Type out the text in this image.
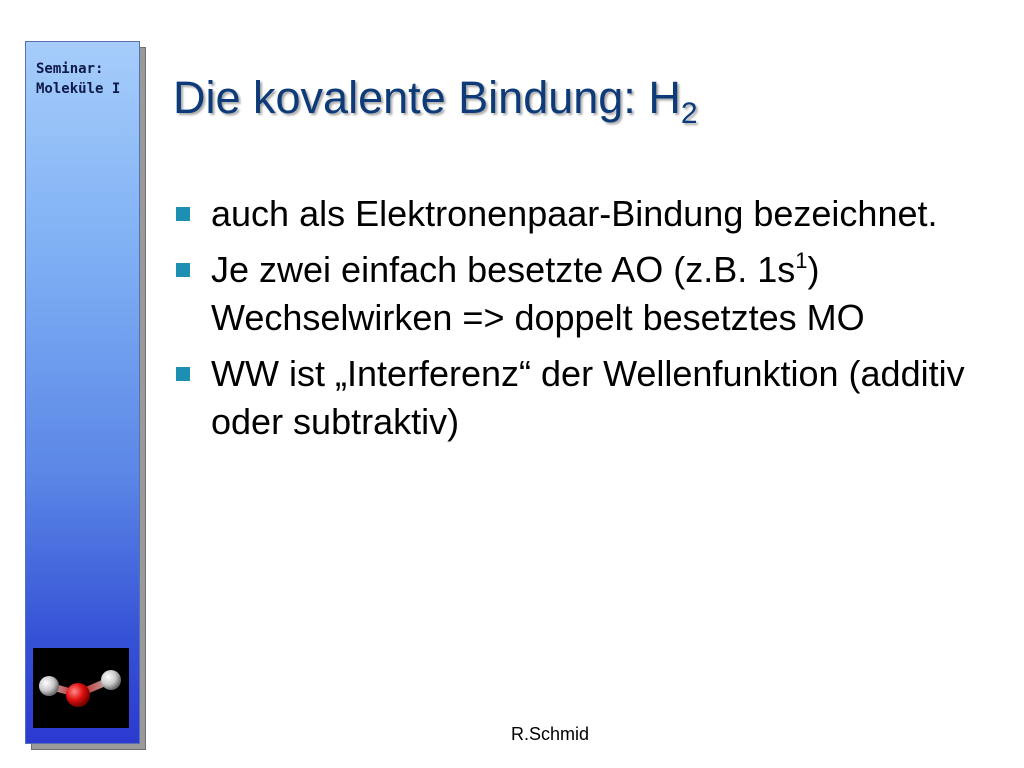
Seminar:
Moleküle I Die kovalente Bindung: $H_2$
auch als Elektronenpaar-Bindung bezeichnet.
Je zwei einfach besetzte AO (z.B. $1s^1$)
Wechselwirken => doppelt besetztes MO
WW ist „Interferenz“ der Wellenfunktion (additiv oder subtraktiv)
R.Schmid
